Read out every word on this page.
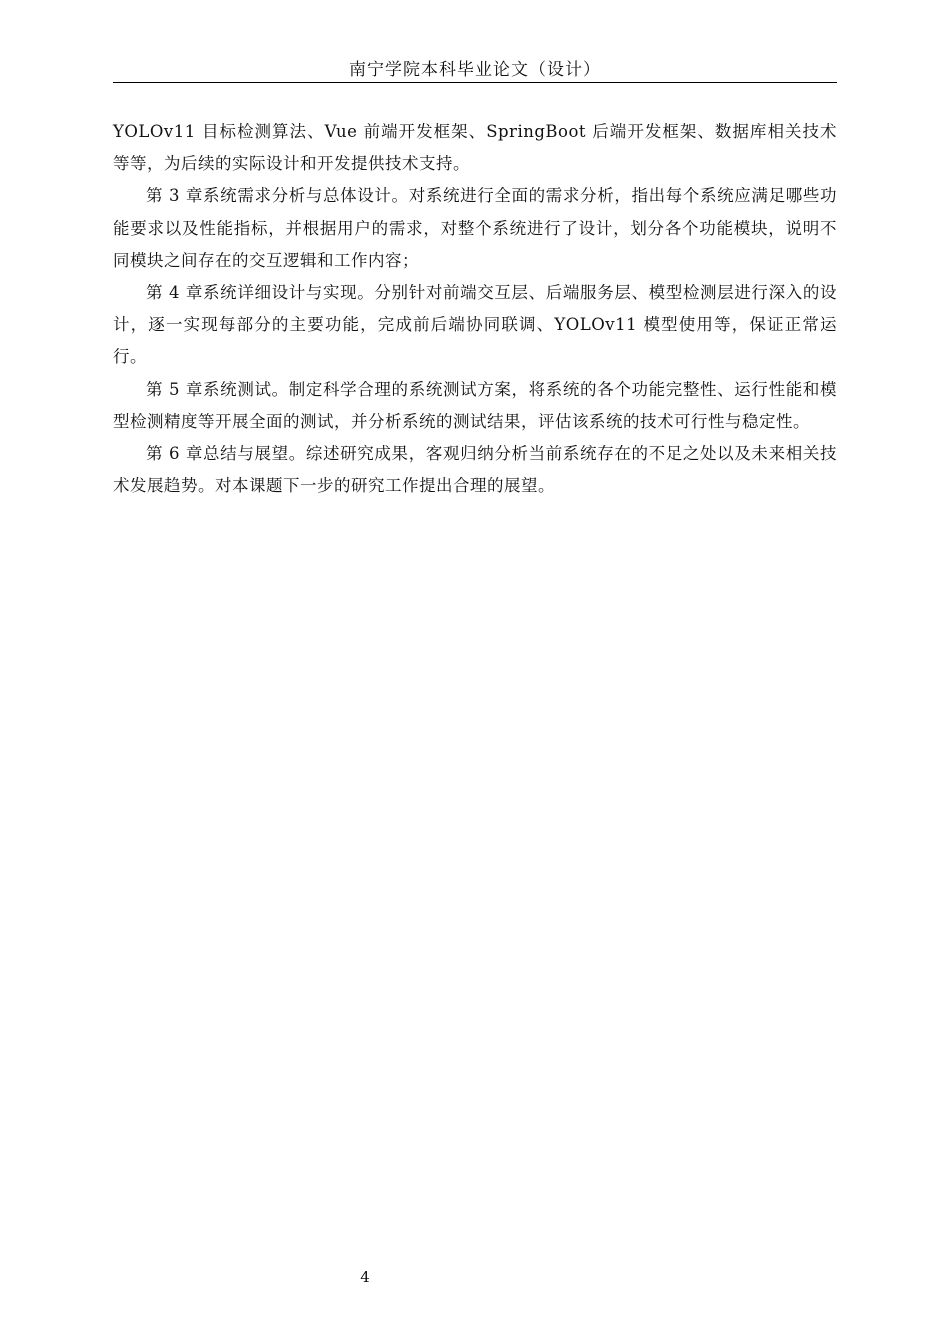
南宁学院本科毕业论文（设计）

YOLOv11 目标检测算法、Vue 前端开发框架、SpringBoot 后端开发框架、数据库相关技术等等，为后续的实际设计和开发提供技术支持。

第 3 章系统需求分析与总体设计。对系统进行全面的需求分析，指出每个系统应满足哪些功能要求以及性能指标，并根据用户的需求，对整个系统进行了设计，划分各个功能模块，说明不同模块之间存在的交互逻辑和工作内容；

第 4 章系统详细设计与实现。分别针对前端交互层、后端服务层、模型检测层进行深入的设计，逐一实现每部分的主要功能，完成前后端协同联调、YOLOv11 模型使用等，保证正常运行。

第 5 章系统测试。制定科学合理的系统测试方案，将系统的各个功能完整性、运行性能和模型检测精度等开展全面的测试，并分析系统的测试结果，评估该系统的技术可行性与稳定性。

第 6 章总结与展望。综述研究成果，客观归纳分析当前系统存在的不足之处以及未来相关技术发展趋势。对本课题下一步的研究工作提出合理的展望。

4
